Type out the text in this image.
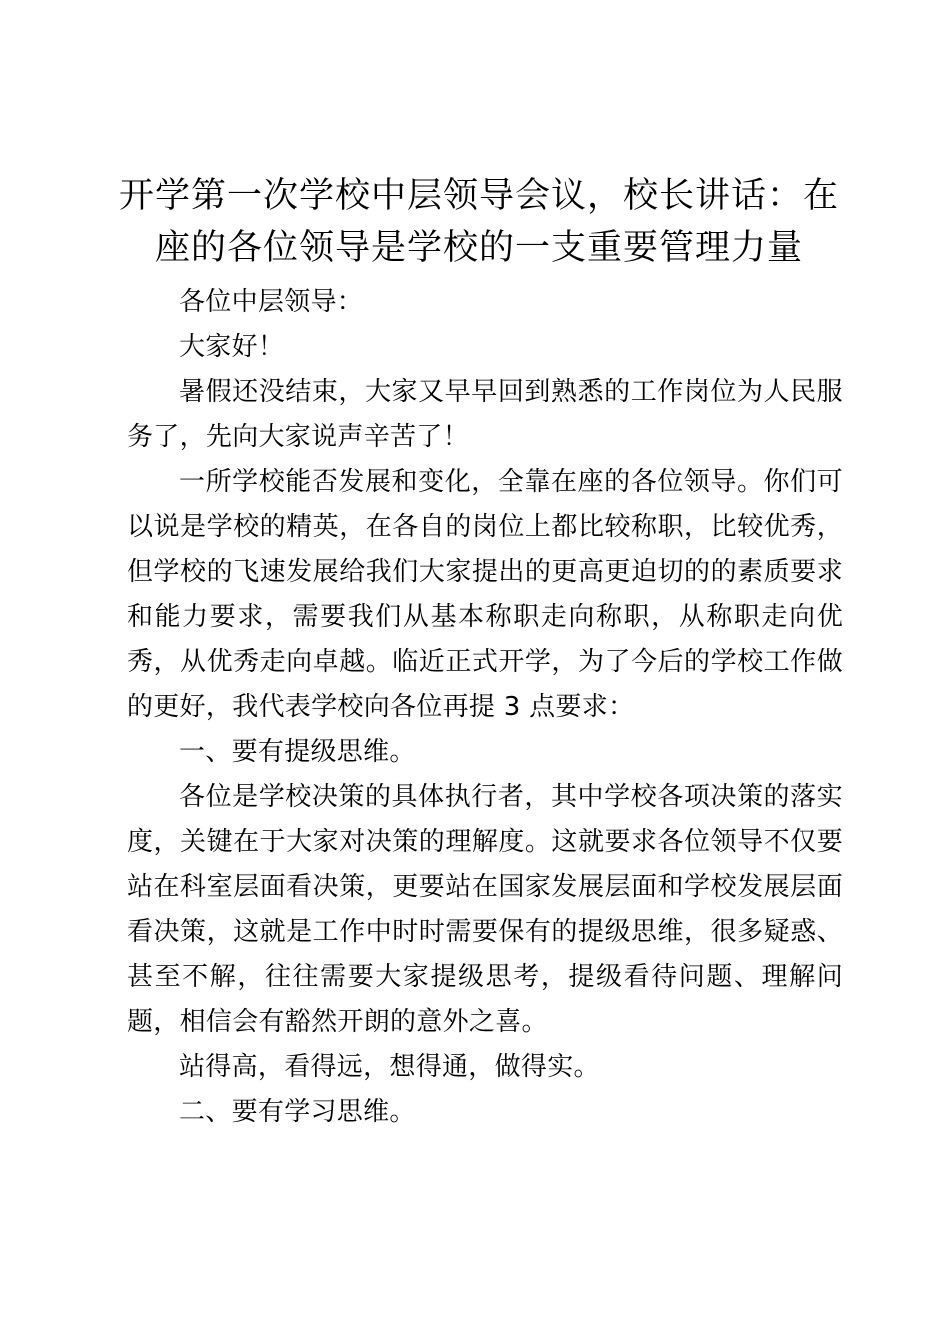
开学第一次学校中层领导会议，校长讲话：在座的各位领导是学校的一支重要管理力量

各位中层领导：

大家好！

暑假还没结束，大家又早早回到熟悉的工作岗位为人民服务了，先向大家说声辛苦了！

一所学校能否发展和变化，全靠在座的各位领导。你们可以说是学校的精英，在各自的岗位上都比较称职，比较优秀，但学校的飞速发展给我们大家提出的更高更迫切的的素质要求和能力要求，需要我们从基本称职走向称职，从称职走向优秀，从优秀走向卓越。临近正式开学，为了今后的学校工作做的更好，我代表学校向各位再提 3 点要求：

一、要有提级思维。

各位是学校决策的具体执行者，其中学校各项决策的落实度，关键在于大家对决策的理解度。这就要求各位领导不仅要站在科室层面看决策，更要站在国家发展层面和学校发展层面看决策，这就是工作中时时需要保有的提级思维，很多疑惑、甚至不解，往往需要大家提级思考，提级看待问题、理解问题，相信会有豁然开朗的意外之喜。

站得高，看得远，想得通，做得实。

二、要有学习思维。
